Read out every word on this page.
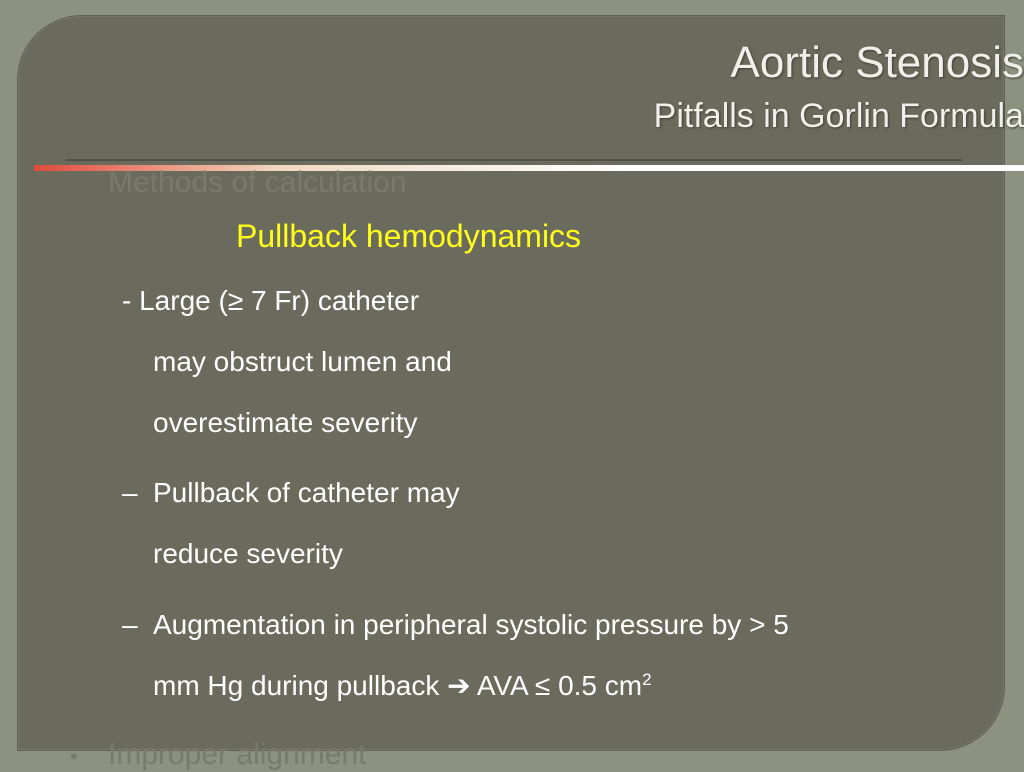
Aortic Stenosis
Pitfalls in Gorlin Formula
Pullback hemodynamics
- Large (≥ 7 Fr) catheter
may obstruct lumen and
overestimate severity
– Pullback of catheter may
reduce severity
– Augmentation in peripheral systolic pressure by > 5
mm Hg during pullback ➔ AVA ≤ 0.5 $cm^2$
• Improper alignment
